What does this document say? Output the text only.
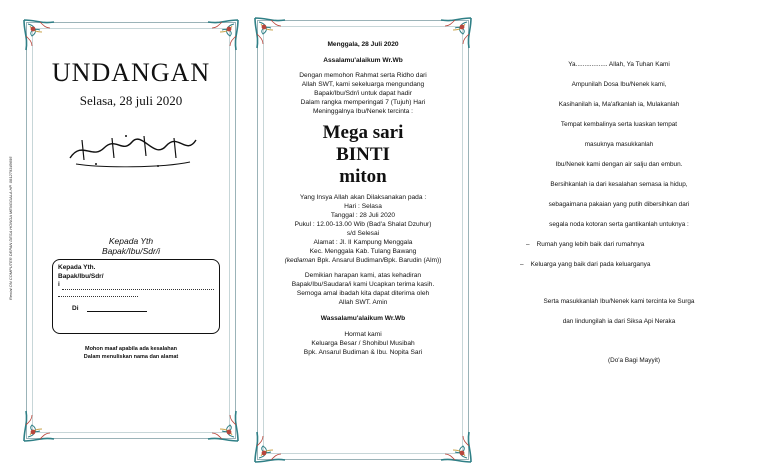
UNDANGAN
Selasa, 28 juli 2020
Kepada Yth
Bapak/Ibu/Sdr/i
Kepada Yth.
Bapak/Ibu/Sdr/
i
Di
Mohon maaf apabila ada kesalahan
Dalam menuliskan nama dan alamat
Rental ON COMPUTER DEPAN DESA HONGA MENGGALA HP. 081279349695
Menggala, 28 Juli 2020
Assalamu'alaikum Wr.Wb
Dengan memohon Rahmat serta Ridho dari
Allah SWT, kami sekeluarga mengundang
Bapak/Ibu/Sdr/i untuk dapat hadir
Dalam rangka memperingati 7 (Tujuh) Hari
Meninggalnya Ibu/Nenek tercinta :
Mega sari
BINTI
miton
Yang Insya Allah akan Dilaksanakan pada :
Hari : Selasa
Tanggal : 28 Juli 2020
Pukul : 12.00-13.00 Wib (Bad'a Shalat Dzuhur)
s/d Selesai
Alamat : Jl. II Kampung Menggala
Kec. Menggala Kab. Tulang Bawang
(kediaman Bpk. Ansarul Budiman/Bpk. Barudin (Alm))
Demikian harapan kami, atas kehadiran
Bapak/Ibu/Saudara/i kami Ucapkan terima kasih.
Semoga amal ibadah kita dapat diterima oleh
Allah SWT. Amin
Wassalamu'alaikum Wr.Wb
Hormat kami
Keluarga Besar / Shohibul Musibah
Bpk. Ansarul Budiman & Ibu. Nopita Sari
Ya.................. Allah, Ya Tuhan Kami
Ampunilah Dosa Ibu/Nenek kami,
Kasihanilah ia, Ma'afkanlah ia, Mulakanlah
Tempat kembalinya serta luaskan tempat
masuknya masukkanlah
Ibu/Nenek kami dengan air salju dan embun.
Bersihkanlah ia dari kesalahan semasa ia hidup,
sebagaimana pakaian yang putih dibersihkan dari
segala noda kotoran serta gantikanlah untuknya :
–    Rumah yang lebih baik dari rumahnya
–    Keluarga yang baik dari pada keluarganya
Serta masukkanlah Ibu/Nenek kami tercinta ke Surga
dan lindungilah ia dari Siksa Api Neraka
(Do'a Bagi Mayyit)
